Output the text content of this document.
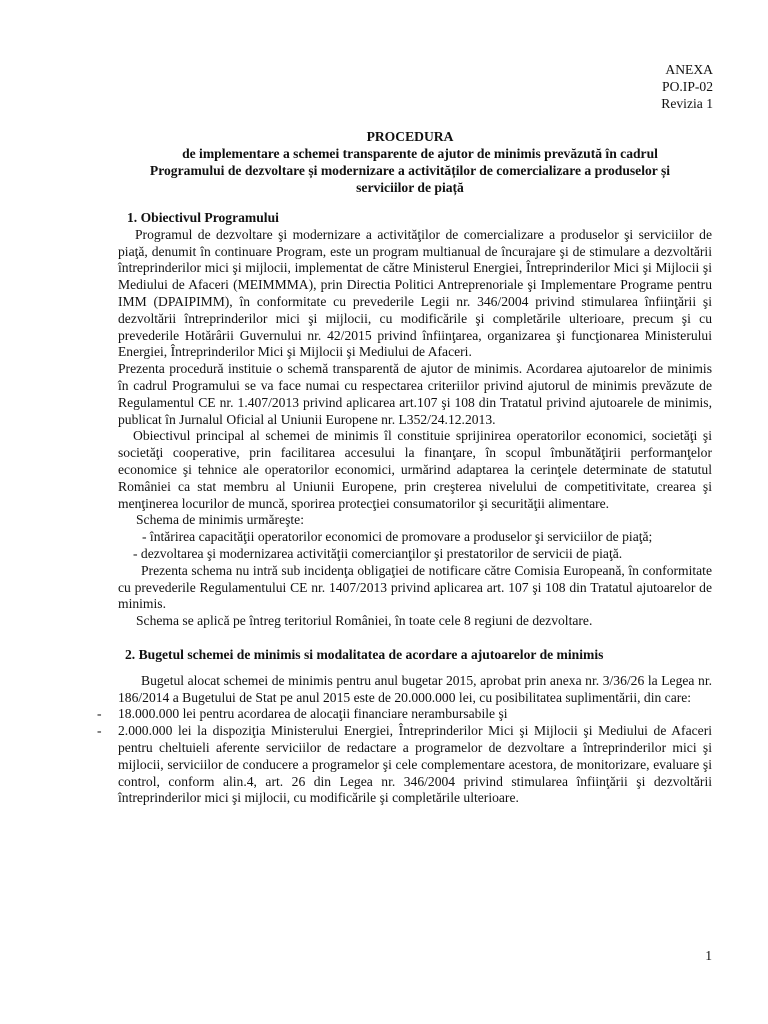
ANEXA
PO.IP-02
Revizia 1
PROCEDURA
de implementare a schemei transparente de ajutor de minimis prevăzută în cadrul
Programului de dezvoltare și modernizare a activităților de comercializare a produselor și
serviciilor de piață
1. Obiectivul Programului

Programul de dezvoltare şi modernizare a activităţilor de comercializare a produselor şi serviciilor de piaţă, denumit în continuare Program, este un program multianual de încurajare şi de stimulare a dezvoltării întreprinderilor mici şi mijlocii, implementat de către Ministerul Energiei, Întreprinderilor Mici şi Mijlocii şi Mediului de Afaceri (MEIMMMA), prin Directia Politici Antreprenoriale şi Implementare Programe pentru IMM (DPAIPIMM), în conformitate cu prevederile Legii nr. 346/2004 privind stimularea înfiinţării şi dezvoltării întreprinderilor mici şi mijlocii, cu modificările şi completările ulterioare, precum şi cu prevederile Hotărârii Guvernului nr. 42/2015 privind înfiinţarea, organizarea şi funcţionarea Ministerului Energiei, Întreprinderilor Mici şi Mijlocii şi Mediului de Afaceri.

Prezenta procedură instituie o schemă transparentă de ajutor de minimis. Acordarea ajutoarelor de minimis în cadrul Programului se va face numai cu respectarea criteriilor privind ajutorul de minimis prevăzute de Regulamentul CE nr. 1.407/2013 privind aplicarea art.107 şi 108 din Tratatul privind ajutoarele de minimis, publicat în Jurnalul Oficial al Uniunii Europene nr. L352/24.12.2013.

Obiectivul principal al schemei de minimis îl constituie sprijinirea operatorilor economici, societăţi şi societăţi cooperative, prin facilitarea accesului la finanţare, în scopul îmbunătăţirii performanţelor economice şi tehnice ale operatorilor economici, urmărind adaptarea la cerinţele determinate de statutul României ca stat membru al Uniunii Europene, prin creşterea nivelului de competitivitate, crearea şi menţinerea locurilor de muncă, sporirea protecţiei consumatorilor şi securităţii alimentare.

Schema de minimis urmăreşte:

- întărirea capacităţii operatorilor economici de promovare a produselor şi serviciilor de piaţă;

- dezvoltarea şi modernizarea activităţii comercianţilor şi prestatorilor de servicii de piaţă.

Prezenta schema nu intră sub incidenţa obligaţiei de notificare către Comisia Europeană, în conformitate cu prevederile Regulamentului CE nr. 1407/2013 privind aplicarea art. 107 şi 108 din Tratatul ajutoarelor de minimis.

Schema se aplică pe întreg teritoriul României, în toate cele 8 regiuni de dezvoltare.

2. Bugetul schemei de minimis si modalitatea de acordare a ajutoarelor de minimis

Bugetul alocat schemei de minimis pentru anul bugetar 2015, aprobat prin anexa nr. 3/36/26 la Legea nr. 186/2014 a Bugetului de Stat pe anul 2015 este de 20.000.000 lei, cu posibilitatea suplimentării, din care:

- 18.000.000 lei pentru acordarea de alocaţii financiare nerambursabile şi
- 2.000.000 lei la dispoziţia Ministerului Energiei, Întreprinderilor Mici şi Mijlocii şi Mediului de Afaceri pentru cheltuieli aferente serviciilor de redactare a programelor de dezvoltare a întreprinderilor mici şi mijlocii, serviciilor de conducere a programelor şi cele complementare acestora, de monitorizare, evaluare şi control, conform alin.4, art. 26 din Legea nr. 346/2004 privind stimularea înfiinţării şi dezvoltării întreprinderilor mici şi mijlocii, cu modificările şi completările ulterioare.
1
